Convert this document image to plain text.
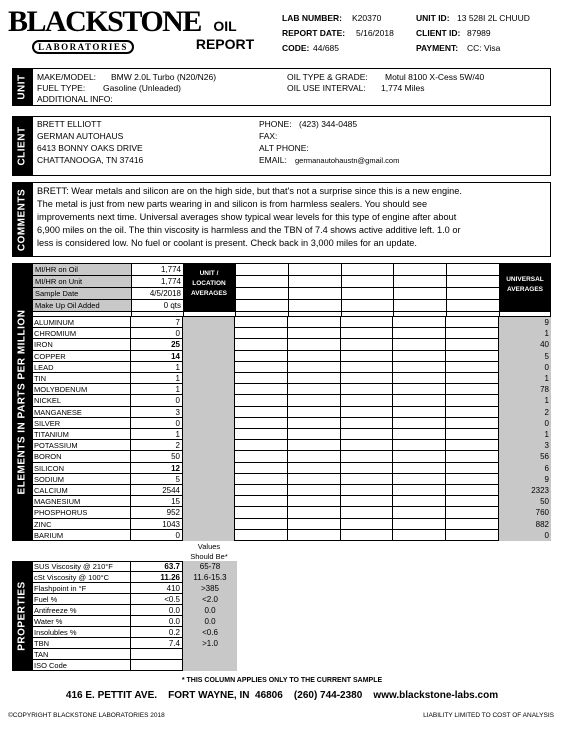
BLACKSTONE
LABORATORIES
OIL
REPORT
LAB NUMBER: K20370
REPORT DATE: 5/16/2018
CODE: 44/685
UNIT ID: 13 528I 2L CHUUD
CLIENT ID: 87989
PAYMENT: CC: Visa
UNIT MAKE/MODEL: BMW 2.0L Turbo (N20/N26)
FUEL TYPE: Gasoline (Unleaded)
ADDITIONAL INFO:
OIL TYPE & GRADE: Motul 8100 X-Cess 5W/40
OIL USE INTERVAL: 1,774 Miles
CLIENT
BRETT ELLIOTT
GERMAN AUTOHAUS
6413 BONNY OAKS DRIVE
CHATTANOOGA, TN 37416
PHONE: (423) 344-0485
FAX:
ALT PHONE:
EMAIL: germanautohaustn@gmail.com
COMMENTS BRETT: Wear metals and silicon are on the high side, but that's not a surprise since this is a new engine.
The metal is just from new parts wearing in and silicon is from harmless sealers. You should see
improvements next time. Universal averages show typical wear levels for this type of engine after about
6,900 miles on the oil. The thin viscosity is harmless and the TBN of 7.4 shows active additive left. 1.0 or
less is considered low. No fuel or coolant is present. Check back in 3,000 miles for an update.
ELEMENTS IN PARTS PER MILLION
MI/HR on Oil	1,774
MI/HR on Unit	1,774
Sample Date	4/5/2018
Make Up Oil Added	0 qts
UNIT /
LOCATION
AVERAGES
UNIVERSAL
AVERAGES
ALUMINUM	7	9
CHROMIUM	0	1
IRON	25	40
COPPER	14	5
LEAD	1	0
TIN	1	1
MOLYBDENUM	1	78
NICKEL	0	1
MANGANESE	3	2
SILVER	0	0
TITANIUM	1	1
POTASSIUM	2	3
BORON	50	56
SILICON	12	6
SODIUM	5	9
CALCIUM	2544	2323
MAGNESIUM	15	50
PHOSPHORUS	952	760
ZINC	1043	882
BARIUM	0	0
Values
Should Be*
PROPERTIES
SUS Viscosity @ 210°F	63.7	65-78
cSt Viscosity @ 100°C	11.26	11.6-15.3
Flashpoint in °F	410	>385
Fuel %	<0.5	<2.0
Antifreeze %	0.0	0.0
Water %	0.0	0.0
Insolubles %	0.2	<0.6
TBN	7.4	>1.0
TAN
ISO Code
* THIS COLUMN APPLIES ONLY TO THE CURRENT SAMPLE
416 E. PETTIT AVE.    FORT WAYNE, IN  46806    (260) 744-2380    www.blackstone-labs.com
©COPYRIGHT BLACKSTONE LABORATORIES 2018	LIABILITY LIMITED TO COST OF ANALYSIS
